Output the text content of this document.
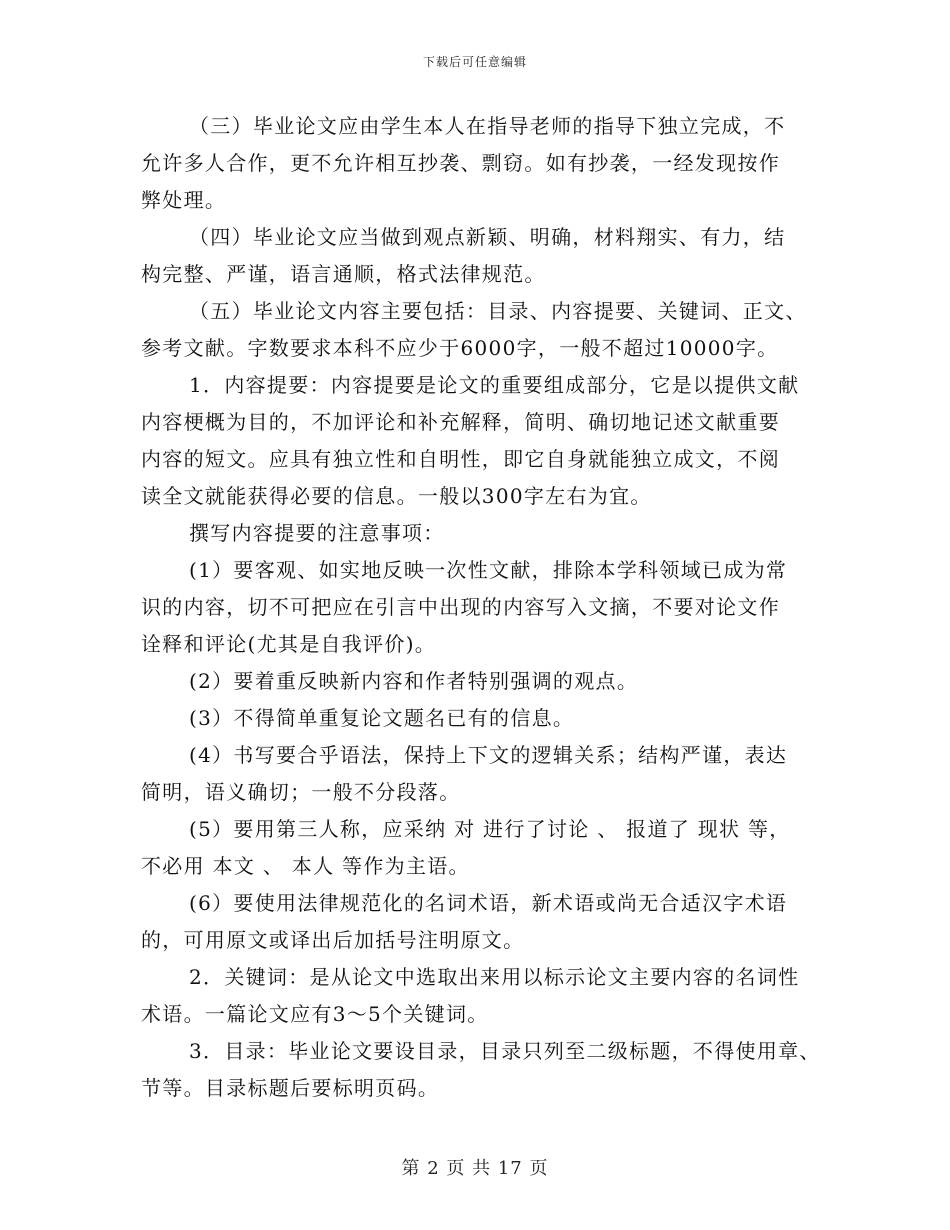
下载后可任意编辑

（三）毕业论文应由学生本人在指导老师的指导下独立完成，不
允许多人合作，更不允许相互抄袭、剽窃。如有抄袭，一经发现按作
弊处理。

（四）毕业论文应当做到观点新颖、明确，材料翔实、有力，结
构完整、严谨，语言通顺，格式法律规范。

（五）毕业论文内容主要包括：目录、内容提要、关键词、正文、
参考文献。字数要求本科不应少于6000字，一般不超过10000字。

1．内容提要：内容提要是论文的重要组成部分，它是以提供文献
内容梗概为目的，不加评论和补充解释，简明、确切地记述文献重要
内容的短文。应具有独立性和自明性，即它自身就能独立成文，不阅
读全文就能获得必要的信息。一般以300字左右为宜。

撰写内容提要的注意事项：

(1）要客观、如实地反映一次性文献，排除本学科领域已成为常
识的内容，切不可把应在引言中出现的内容写入文摘，不要对论文作
诠释和评论(尤其是自我评价)。

(2）要着重反映新内容和作者特别强调的观点。

(3）不得简单重复论文题名已有的信息。

(4）书写要合乎语法，保持上下文的逻辑关系；结构严谨，表达
简明，语义确切；一般不分段落。

(5）要用第三人称，应采纳 对 进行了讨论 、 报道了 现状 等，
不必用 本文 、 本人 等作为主语。

(6）要使用法律规范化的名词术语，新术语或尚无合适汉字术语
的，可用原文或译出后加括号注明原文。

2．关键词：是从论文中选取出来用以标示论文主要内容的名词性
术语。一篇论文应有3～5个关键词。

3．目录：毕业论文要设目录，目录只列至二级标题，不得使用章、
节等。目录标题后要标明页码。

第 2 页 共 17 页
